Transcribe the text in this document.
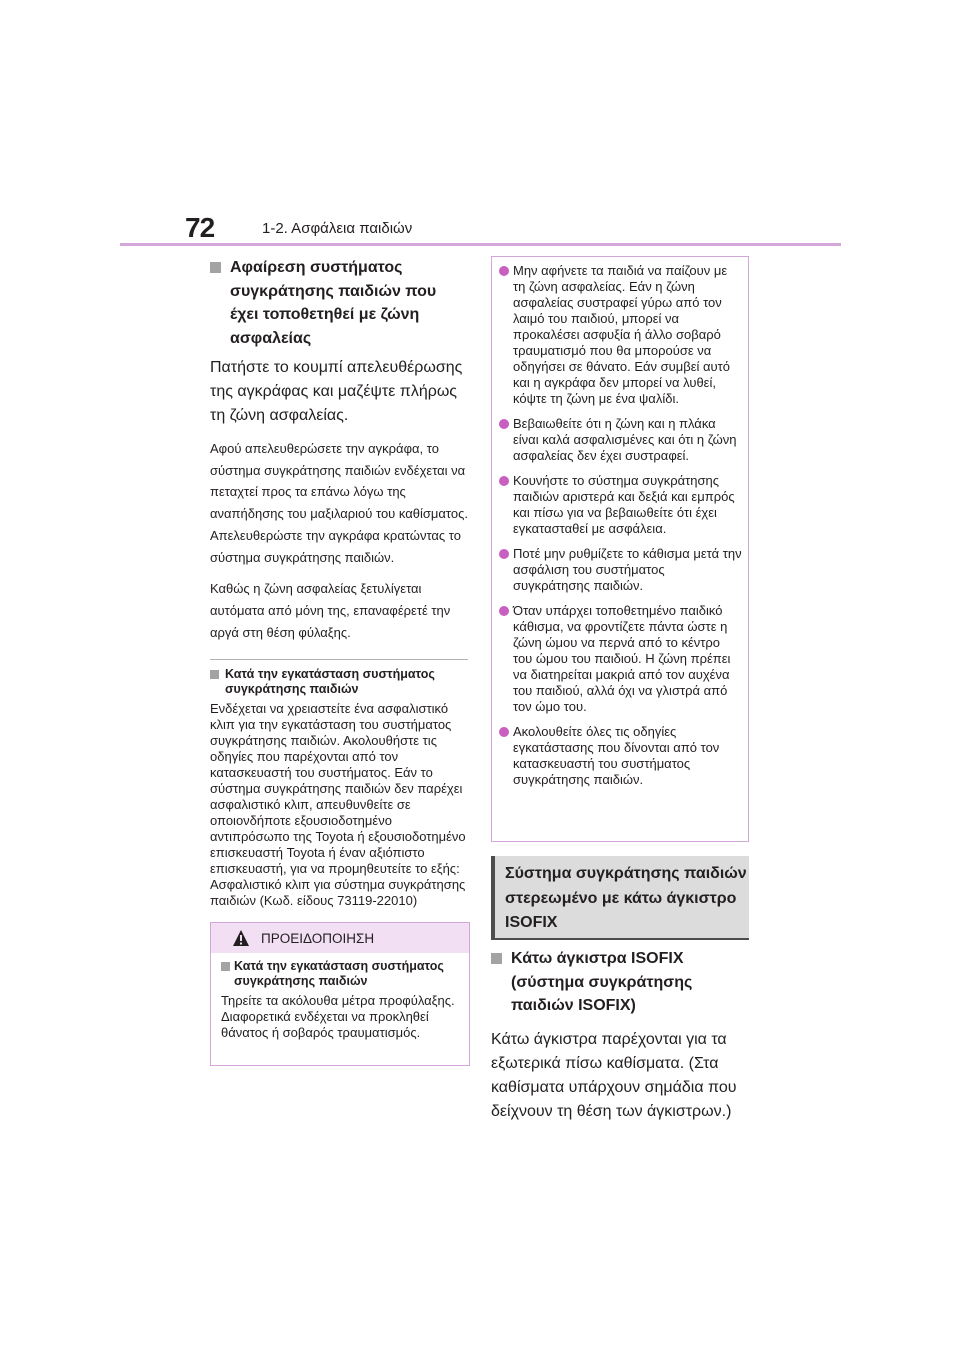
72	1-2. Ασφάλεια παιδιών
Αφαίρεση συστήματος συγκράτησης παιδιών που έχει τοποθετηθεί με ζώνη ασφαλείας
Πατήστε το κουμπί απελευθέρωσης της αγκράφας και μαζέψτε πλήρως τη ζώνη ασφαλείας.
Αφού απελευθερώσετε την αγκράφα, το σύστημα συγκράτησης παιδιών ενδέχεται να πεταχτεί προς τα επάνω λόγω της αναπήδησης του μαξιλαριού του καθίσματος. Απελευθερώστε την αγκράφα κρατώντας το σύστημα συγκράτησης παιδιών.
Καθώς η ζώνη ασφαλείας ξετυλίγεται αυτόματα από μόνη της, επαναφέρετέ την αργά στη θέση φύλαξης.
Κατά την εγκατάσταση συστήματος συγκράτησης παιδιών
Ενδέχεται να χρειαστείτε ένα ασφαλιστικό κλιπ για την εγκατάσταση του συστήματος συγκράτησης παιδιών. Ακολουθήστε τις οδηγίες που παρέχονται από τον κατασκευαστή του συστήματος. Εάν το σύστημα συγκράτησης παιδιών δεν παρέχει ασφαλιστικό κλιπ, απευθυνθείτε σε οποιονδήποτε εξουσιοδοτημένο αντιπρόσωπο της Toyota ή εξουσιοδοτημένο επισκευαστή Toyota ή έναν αξιόπιστο επισκευαστή, για να προμηθευτείτε το εξής: Ασφαλιστικό κλιπ για σύστημα συγκράτησης παιδιών (Κωδ. είδους 73119-22010)
ΠΡΟΕΙΔΟΠΟΙΗΣΗ
Κατά την εγκατάσταση συστήματος συγκράτησης παιδιών
Τηρείτε τα ακόλουθα μέτρα προφύλαξης.
Διαφορετικά ενδέχεται να προκληθεί θάνατος ή σοβαρός τραυματισμός.
Μην αφήνετε τα παιδιά να παίζουν με τη ζώνη ασφαλείας. Εάν η ζώνη ασφαλείας συστραφεί γύρω από τον λαιμό του παιδιού, μπορεί να προκαλέσει ασφυξία ή άλλο σοβαρό τραυματισμό που θα μπορούσε να οδηγήσει σε θάνατο. Εάν συμβεί αυτό και η αγκράφα δεν μπορεί να λυθεί, κόψτε τη ζώνη με ένα ψαλίδι.
Βεβαιωθείτε ότι η ζώνη και η πλάκα είναι καλά ασφαλισμένες και ότι η ζώνη ασφαλείας δεν έχει συστραφεί.
Κουνήστε το σύστημα συγκράτησης παιδιών αριστερά και δεξιά και εμπρός και πίσω για να βεβαιωθείτε ότι έχει εγκατασταθεί με ασφάλεια.
Ποτέ μην ρυθμίζετε το κάθισμα μετά την ασφάλιση του συστήματος συγκράτησης παιδιών.
Όταν υπάρχει τοποθετημένο παιδικό κάθισμα, να φροντίζετε πάντα ώστε η ζώνη ώμου να περνά από το κέντρο του ώμου του παιδιού. Η ζώνη πρέπει να διατηρείται μακριά από τον αυχένα του παιδιού, αλλά όχι να γλιστρά από τον ώμο του.
Ακολουθείτε όλες τις οδηγίες εγκατάστασης που δίνονται από τον κατασκευαστή του συστήματος συγκράτησης παιδιών.
Σύστημα συγκράτησης παιδιών στερεωμένο με κάτω άγκιστρο ISOFIX
Κάτω άγκιστρα ISOFIX (σύστημα συγκράτησης παιδιών ISOFIX)
Κάτω άγκιστρα παρέχονται για τα εξωτερικά πίσω καθίσματα. (Στα καθίσματα υπάρχουν σημάδια που δείχνουν τη θέση των άγκιστρων.)
